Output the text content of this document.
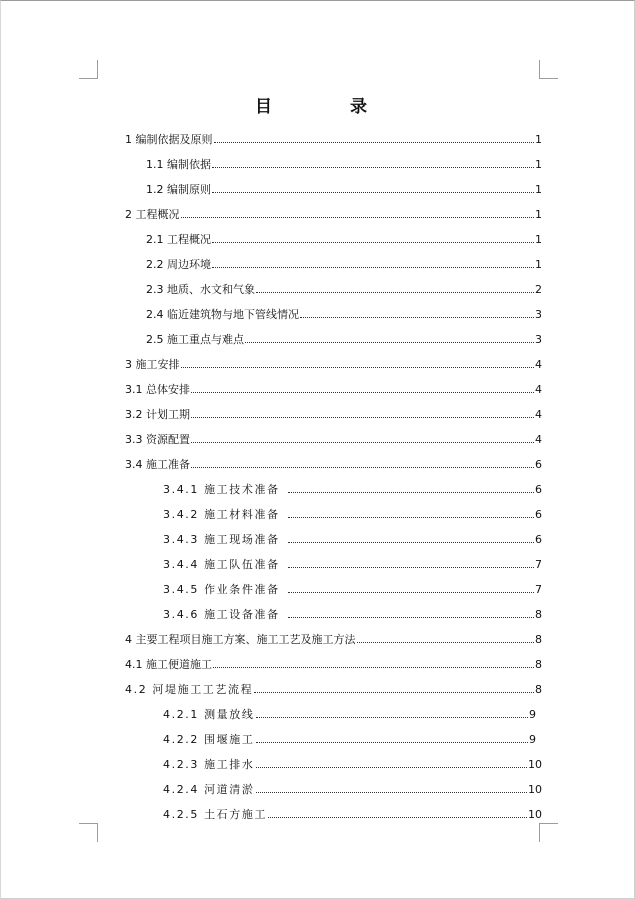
目 录
1 编制依据及原则	1
1.1 编制依据	1
1.2 编制原则	1
2 工程概况	1
2.1 工程概况	1
2.2 周边环境	1
2.3 地质、水文和气象	2
2.4 临近建筑物与地下管线情况	3
2.5 施工重点与难点	3
3 施工安排	4
3.1 总体安排	4
3.2 计划工期	4
3.3 资源配置	4
3.4 施工准备	6
3.4.1 施工技术准备	6
3.4.2 施工材料准备	6
3.4.3 施工现场准备	6
3.4.4 施工队伍准备	7
3.4.5 作业条件准备	7
3.4.6 施工设备准备	8
4 主要工程项目施工方案、施工工艺及施工方法	8
4.1 施工便道施工	8
4.2 河堤施工工艺流程	8
4.2.1 测量放线	9
4.2.2 围堰施工	9
4.2.3 施工排水	10
4.2.4 河道清淤	10
4.2.5 土石方施工	10
